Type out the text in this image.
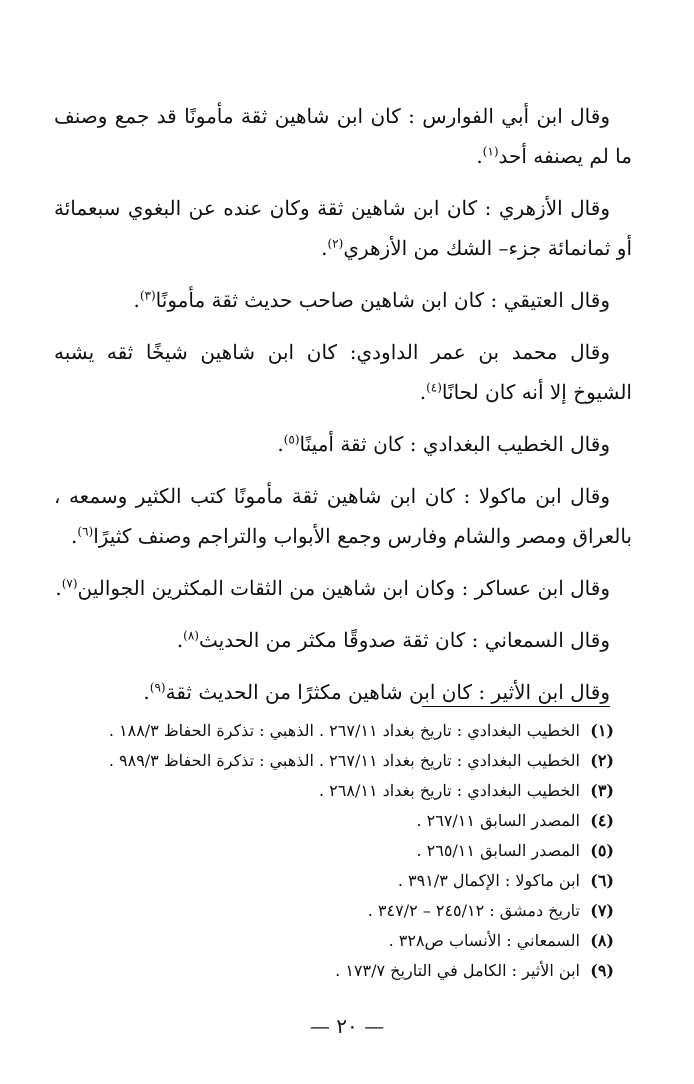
وقال ابن أبي الفوارس : كان ابن شاهين ثقة مأمونًا قد جمع وصنف ما لم يصنفه أحد$^{(١)}$.

وقال الأزهري : كان ابن شاهين ثقة وكان عنده عن البغوي سبعمائة أو ثمانمائة جزء– الشك من الأزهري$^{(٢)}$.

وقال العتيقي : كان ابن شاهين صاحب حديث ثقة مأمونًا$^{(٣)}$.

وقال محمد بن عمر الداودي: كان ابن شاهين شيخًا ثقه يشبه الشيوخ إلا أنه كان لحانًا$^{(٤)}$.

وقال الخطيب البغدادي : كان ثقة أمينًا$^{(٥)}$.

وقال ابن ماكولا : كان ابن شاهين ثقة مأمونًا كتب الكثير وسمعه ، بالعراق ومصر والشام وفارس وجمع الأبواب والتراجم وصنف كثيرًا$^{(٦)}$.

وقال ابن عساكر : وكان ابن شاهين من الثقات المكثرين الجوالين$^{(٧)}$.

وقال السمعاني : كان ثقة صدوقًا مكثر من الحديث$^{(٨)}$.

وقال ابن الأثير : كان ابن شاهين مكثرًا من الحديث ثقة$^{(٩)}$.

(١)الخطيب البغدادي : تاريخ بغداد ٢٦٧/١١ . الذهبي : تذكرة الحفاظ ١٨٨/٣ .
(٢)الخطيب البغدادي : تاريخ بغداد ٢٦٧/١١ . الذهبي : تذكرة الحفاظ ٩٨٩/٣ .
(٣)الخطيب البغدادي : تاريخ بغداد ٢٦٨/١١ .
(٤)المصدر السابق ٢٦٧/١١ .
(٥)المصدر السابق ٢٦٥/١١ .
(٦)ابن ماكولا : الإكمال ٣٩١/٣ .
(٧)تاريخ دمشق : ٢٤٥/١٢ – ٣٤٧/٢ .
(٨)السمعاني : الأنساب ص٣٢٨ .
(٩)ابن الأثير : الكامل في التاريخ ١٧٣/٧ .
— ٢٠ —
